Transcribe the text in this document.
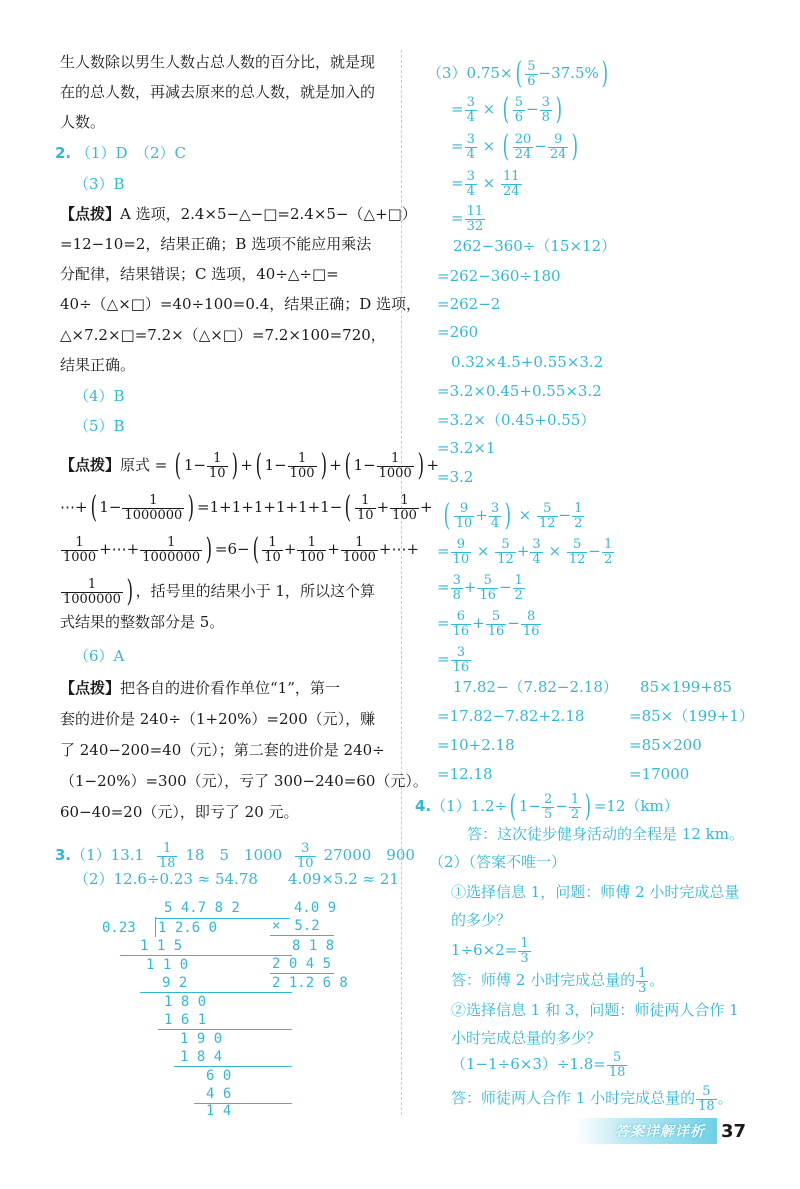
生人数除以男生人数占总人数的百分比，就是现
在的总人数，再减去原来的总人数，就是加入的
人数。
2. （1）D　（2）C
（3）B
【点拨】A 选项，2.4×5−△−□=2.4×5−（△+□）
=12−10=2，结果正确；B 选项不能应用乘法
分配律，结果错误；C 选项，40÷△÷□=
40÷（△×□）=40÷100=0.4，结果正确；D 选项，
△×7.2×□=7.2×（△×□）=7.2×100=720，
结果正确。
（4）B
（5）B
【点拨】原式 = ( $1- \frac{1}{10}$ ) +( $1- \frac{1}{100}$ ) +( $1- \frac{1}{1000}$ ) +
⋯+( $1- \frac{1}{1000000}$ ) $=1+1+1+1+1+1-( \frac{1}{10} + \frac{1}{100}$ +
$\frac{1}{1000}$ +⋯+ $\frac{1}{1000000}$ ) $=6-( \frac{1}{10} + \frac{1}{100} + \frac{1}{1000}$ +⋯+
$\frac{1}{1000000}$ ) ，括号里的结果小于 1，所以这个算
式结果的整数部分是 5。
（6）A
【点拨】把各自的进价看作单位“1”，第一
套的进价是 240÷（1+20%）=200（元），赚
了 240−200=40（元）；第二套的进价是 240÷
（1−20%）=300（元），亏了 300−240=60（元）。
60−40=20（元），即亏了 20 元。
$3.(1)13.1 \frac{1}{18} 18$　5　$1000 \frac{3}{10} 27000$　900
（2）12.6÷0.23 ≈ 54.78　　4.09×5.2 ≈ 21
5 4.7 8 2
0.23 1 2.6 0
1 1 5
1 1 0
9 2
1 8 0
1 6 1
1 9 0
1 8 4
6 0
4 6
1 4
4.0 9
×　5.2
8 1 8
2 0 4 5
2 1.2 6 8
$(3)0.75\times( \frac{5}{6} -37.5\%)$
= $\frac{3}{4}$ × ( $\frac{5}{6} - \frac{3}{8}$ )
= $\frac{3}{4}$ × ( $\frac{20}{24} - \frac{9}{24}$ )
= $\frac{3}{4} \times \frac{11}{24}$
= $\frac{11}{32}$
262−360÷（15×12）
=262−360÷180
=262−2
=260
0.32×4.5+0.55×3.2
=3.2×0.45+0.55×3.2
=3.2×（0.45+0.55）
=3.2×1
=3.2
( $\frac{9}{10} + \frac{3}{4}$ ) × $\frac{5}{12} - \frac{1}{2}$
= $\frac{9}{10} \times \frac{5}{12} + \frac{3}{4} \times \frac{5}{12} - \frac{1}{2}$
= $\frac{3}{8} + \frac{5}{16} - \frac{1}{2}$
= $\frac{6}{16} + \frac{5}{16} - \frac{8}{16}$
= $\frac{3}{16}$
17.82−（7.82−2.18） 85×199+85
=17.82−7.82+2.18	=85×（199+1）
=10+2.18	=85×200
=12.18	=17000
4.（1）1.2÷( $1- \frac{2}{5} - \frac{1}{2}$ ) =12（km）
答：这次徒步健身活动的全程是 12 km。
（2）（答案不唯一）
①选择信息 1，问题：师傅 2 小时完成总量
的多少？
$1\div 6\times 2= \frac{1}{3}$
答：师傅 2 小时完成总量的 $\frac{1}{3}$ 。
②选择信息 1 和 3，问题：师徒两人合作 1
小时完成总量的多少？
$(1-1\div 6\times 3)\div 1.8= \frac{5}{18}$
答：师徒两人合作 1 小时完成总量的 $\frac{5}{18}$ 。
答案详解详析 37
